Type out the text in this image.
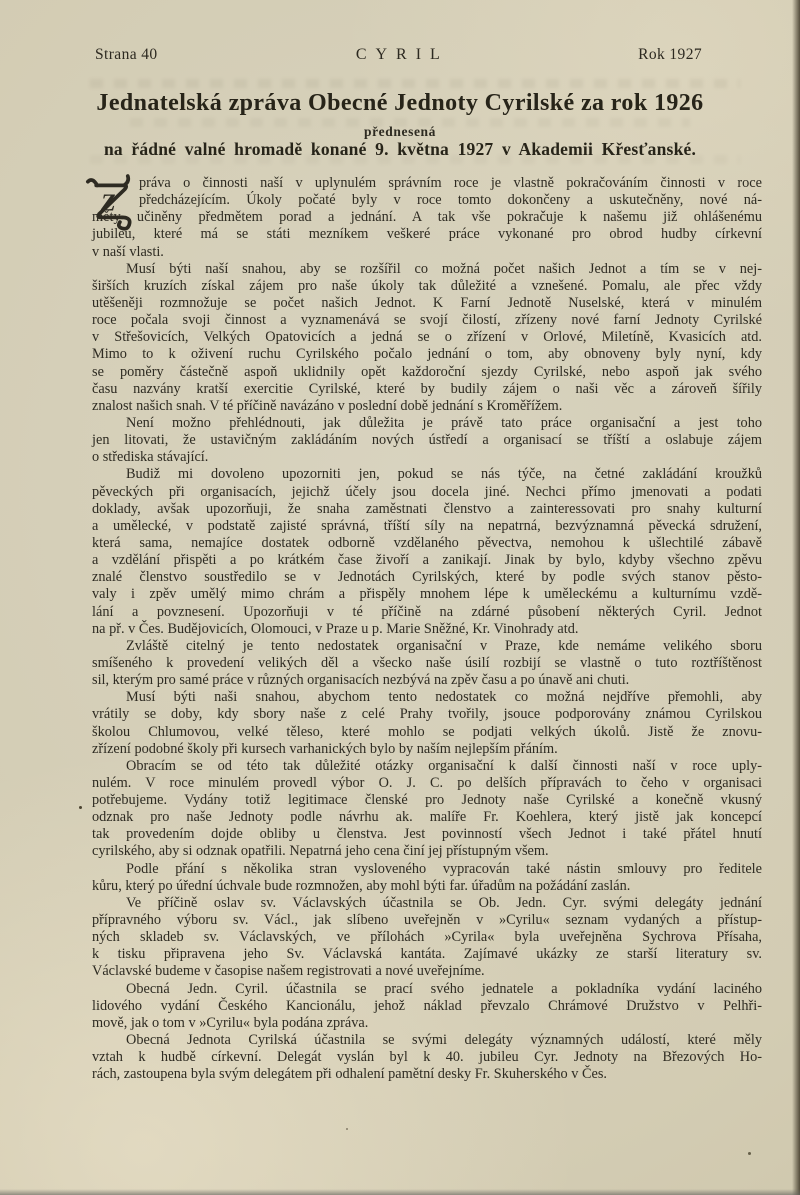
Strana 40	CYRIL	Rok 1927
Jednatelská zpráva Obecné Jednoty Cyrilské za rok 1926
přednesená
na řádné valné hromadě konané 9. května 1927 v Akademii Křesťanské.
Z
práva o činnosti naší v uplynulém správním roce je vlastně pokračováním činnosti v roce
předcházejícím. Úkoly počaté byly v roce tomto dokončeny a uskutečněny, nové ná-
měty učiněny předmětem porad a jednání. A tak vše pokračuje k našemu již ohlášenému
jubileu, které má se státi mezníkem veškeré práce vykonané pro obrod hudby církevní
v naší vlasti.
Musí býti naší snahou, aby se rozšířil co možná počet našich Jednot a tím se v nej-
širších kruzích získal zájem pro naše úkoly tak důležité a vznešené. Pomalu, ale přec vždy
utěšeněji rozmnožuje se počet našich Jednot. K Farní Jednotě Nuselské, která v minulém
roce počala svoji činnost a vyznamenává se svojí čilostí, zřízeny nové farní Jednoty Cyrilské
v Střešovicích, Velkých Opatovicích a jedná se o zřízení v Orlové, Miletíně, Kvasicích atd.
Mimo to k oživení ruchu Cyrilského počalo jednání o tom, aby obnoveny byly nyní, kdy
se poměry částečně aspoň uklidnily opět každoroční sjezdy Cyrilské, nebo aspoň jak svého
času nazvány kratší exercitie Cyrilské, které by budily zájem o naši věc a zároveň šířily
znalost našich snah. V té příčině navázáno v poslední době jednání s Kroměřížem.
Není možno přehlédnouti, jak důležita je právě tato práce organisační a jest toho
jen litovati, že ustavičným zakládáním nových ústředí a organisací se tříští a oslabuje zájem
o střediska stávající.
Budiž mi dovoleno upozorniti jen, pokud se nás týče, na četné zakládání kroužků
pěveckých při organisacích, jejichž účely jsou docela jiné. Nechci přímo jmenovati a podati
doklady, avšak upozorňuji, že snaha zaměstnati členstvo a zainteressovati pro snahy kulturní
a umělecké, v podstatě zajisté správná, tříští síly na nepatrná, bezvýznamná pěvecká sdružení,
která sama, nemajíce dostatek odborně vzdělaného pěvectva, nemohou k ušlechtilé zábavě
a vzdělání přispěti a po krátkém čase živoří a zanikají. Jinak by bylo, kdyby všechno zpěvu
znalé členstvo soustředilo se v Jednotách Cyrilských, které by podle svých stanov pěsto-
valy i zpěv umělý mimo chrám a přispěly mnohem lépe k uměleckému a kulturnímu vzdě-
lání a povznesení. Upozorňuji v té příčině na zdárné působení některých Cyril. Jednot
na př. v Čes. Budějovicích, Olomouci, v Praze u p. Marie Sněžné, Kr. Vinohrady atd.
Zvláště citelný je tento nedostatek organisační v Praze, kde nemáme velikého sboru
smíšeného k provedení velikých děl a všecko naše úsilí rozbijí se vlastně o tuto roztříštěnost
sil, kterým pro samé práce v různých organisacích nezbývá na zpěv času a po únavě ani chuti.
Musí býti naši snahou, abychom tento nedostatek co možná nejdříve přemohli, aby
vrátily se doby, kdy sbory naše z celé Prahy tvořily, jsouce podporovány známou Cyrilskou
školou Chlumovou, velké těleso, které mohlo se podjati velkých úkolů. Jistě že znovu-
zřízení podobné školy při kursech varhanických bylo by naším nejlepším přáním.
Obracím se od této tak důležité otázky organisační k další činnosti naší v roce uply-
nulém. V roce minulém provedl výbor O. J. C. po delších přípravách to čeho v organisaci
potřebujeme. Vydány totiž legitimace členské pro Jednoty naše Cyrilské a konečně vkusný
odznak pro naše Jednoty podle návrhu ak. malíře Fr. Koehlera, který jistě jak koncepcí
tak provedením dojde obliby u členstva. Jest povinností všech Jednot i také přátel hnutí
cyrilského, aby si odznak opatřili. Nepatrná jeho cena činí jej přístupným všem.
Podle přání s několika stran vysloveného vypracován také nástin smlouvy pro ředitele
kůru, který po úřední úchvale bude rozmnožen, aby mohl býti far. úřadům na požádání zaslán.
Ve příčině oslav sv. Václavských účastnila se Ob. Jedn. Cyr. svými delegáty jednání
přípravného výboru sv. Václ., jak slíbeno uveřejněn v »Cyrilu« seznam vydaných a přístup-
ných skladeb sv. Václavských, ve přílohách »Cyrila« byla uveřejněna Sychrova Přísaha,
k tisku připravena jeho Sv. Václavská kantáta. Zajímavé ukázky ze starší literatury sv.
Václavské budeme v časopise našem registrovati a nové uveřejníme.
Obecná Jedn. Cyril. účastnila se prací svého jednatele a pokladníka vydání laciného
lidového vydání Českého Kancionálu, jehož náklad převzalo Chrámové Družstvo v Pelhři-
mově, jak o tom v »Cyrilu« byla podána zpráva.
Obecná Jednota Cyrilská účastnila se svými delegáty významných událostí, které měly
vztah k hudbě církevní. Delegát vyslán byl k 40. jubileu Cyr. Jednoty na Březových Ho-
rách, zastoupena byla svým delegátem při odhalení pamětní desky Fr. Skuherského v Čes.
